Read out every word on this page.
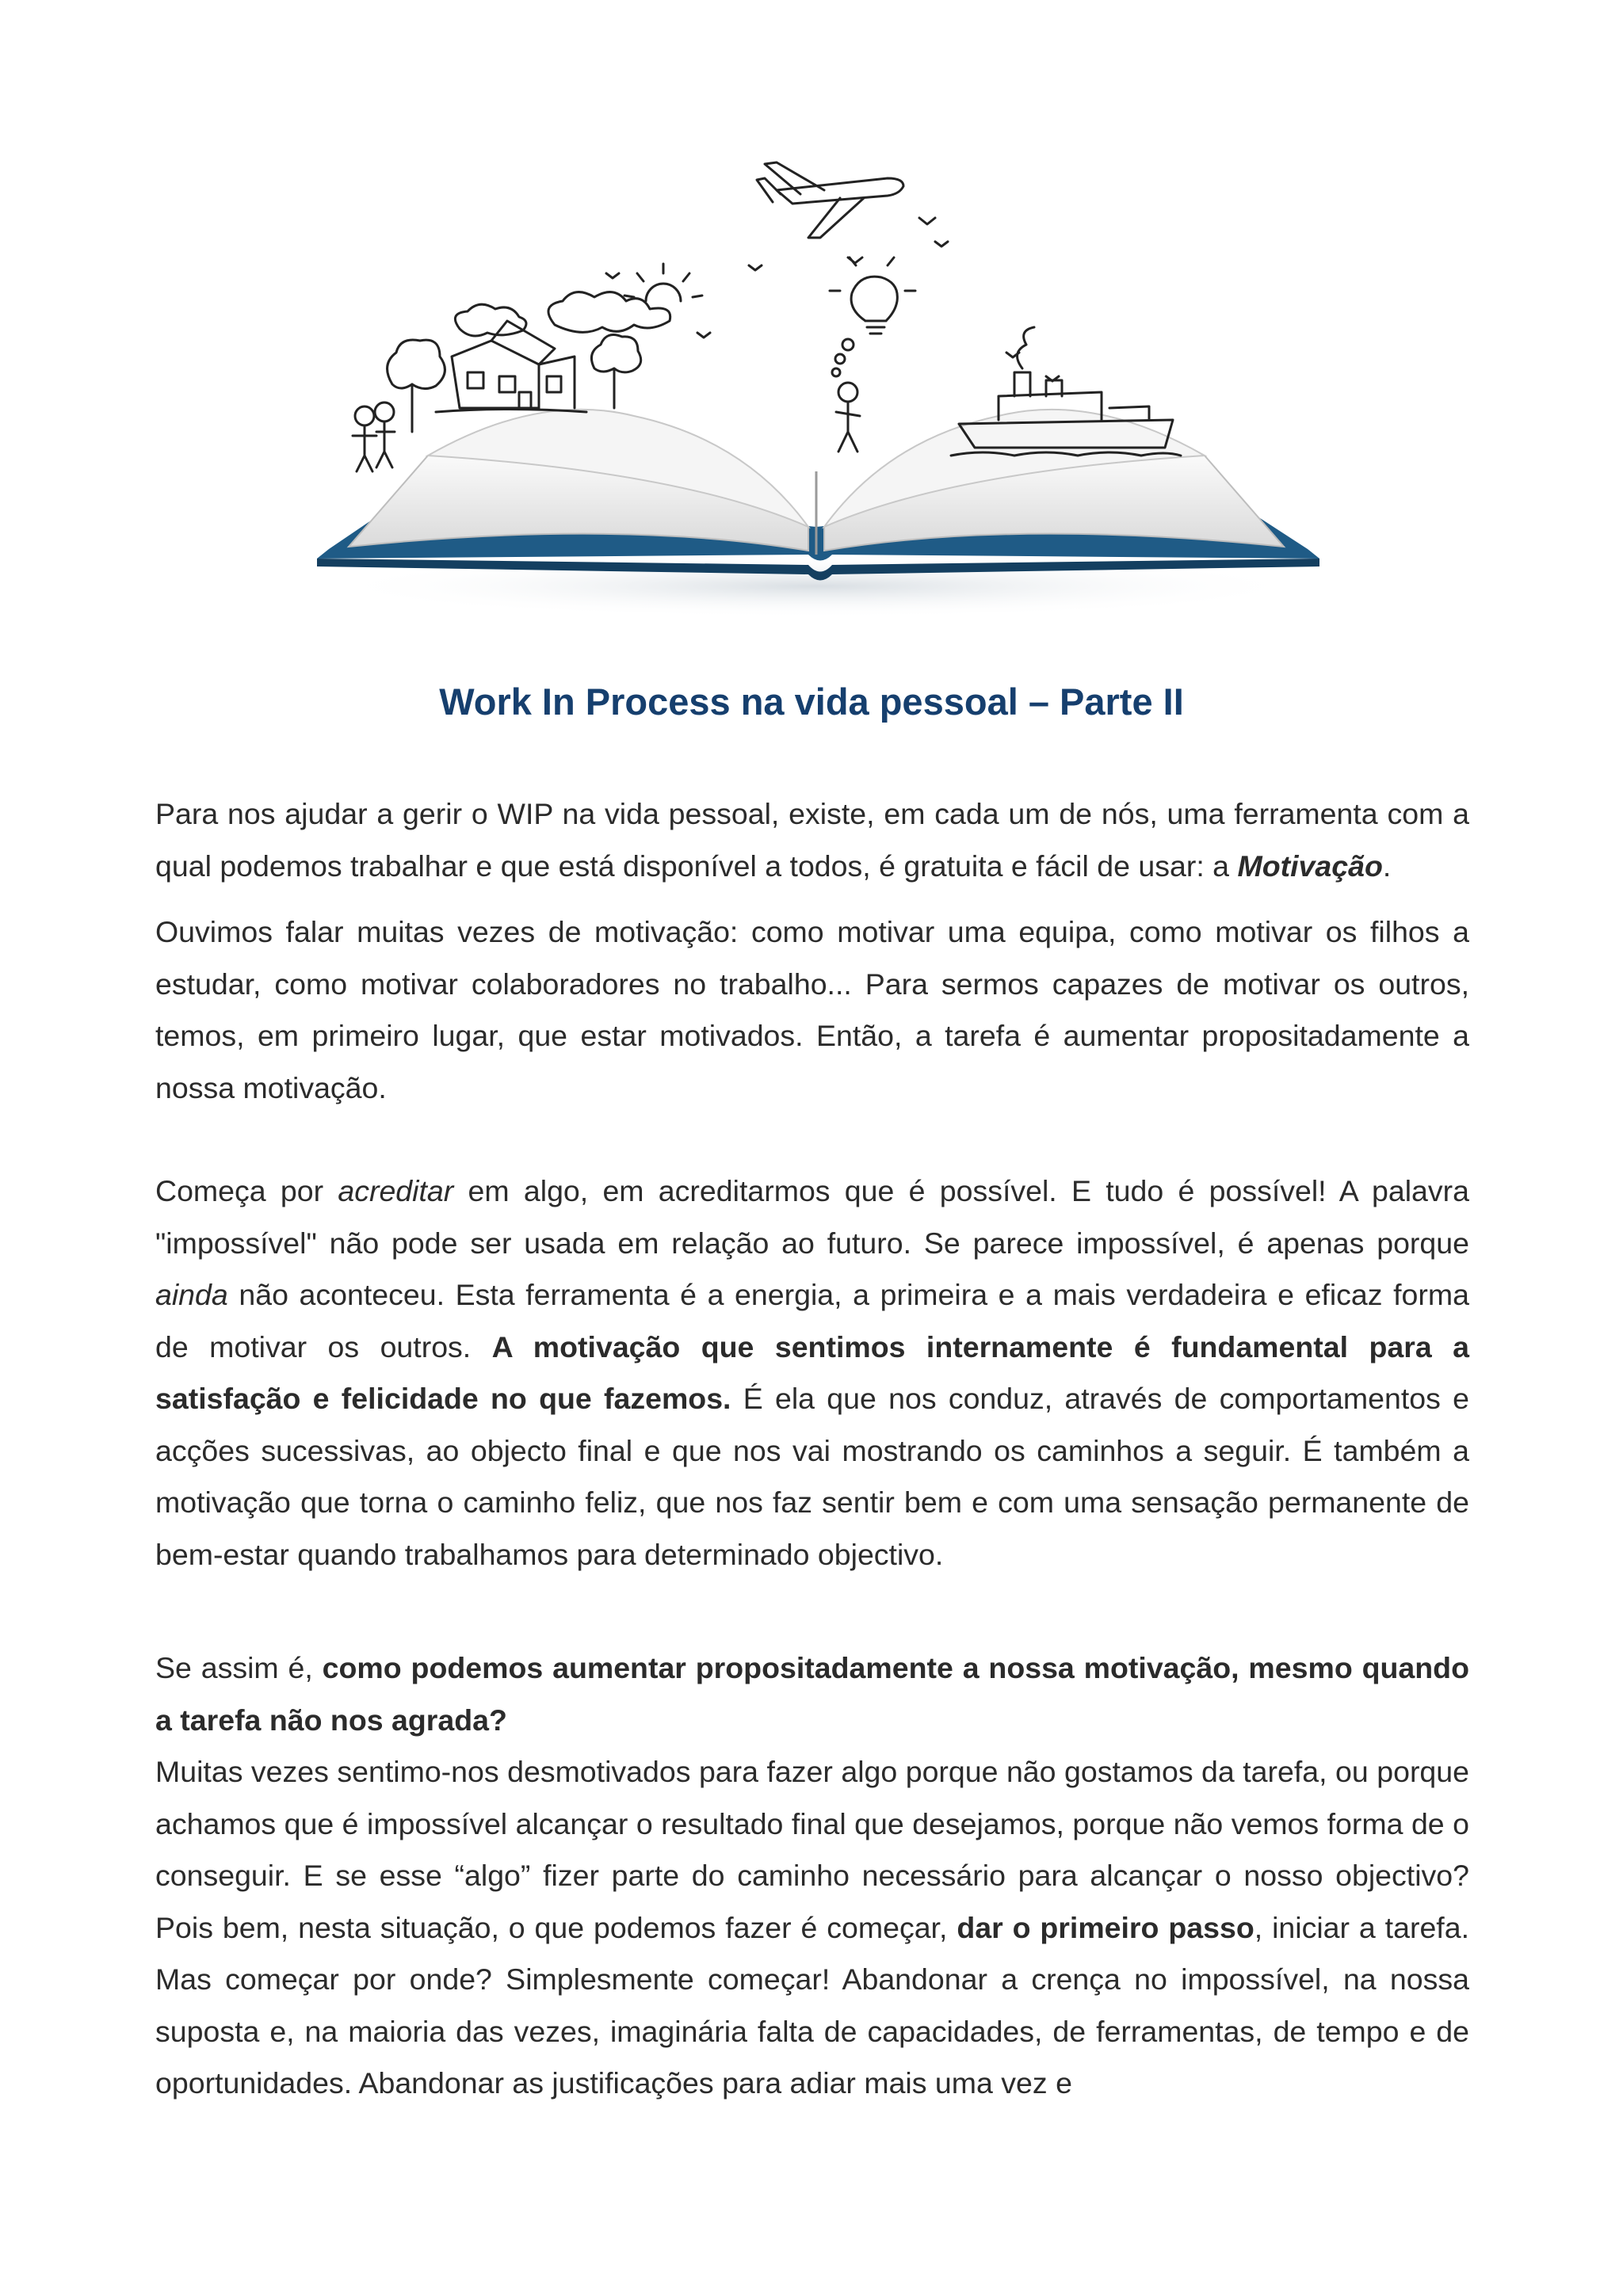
Work In Process na vida pessoal – Parte II

Para nos ajudar a gerir o WIP na vida pessoal, existe, em cada um de nós, uma ferramenta com a qual podemos trabalhar e que está disponível a todos, é gratuita e fácil de usar: a Motivação.

Ouvimos falar muitas vezes de motivação: como motivar uma equipa, como motivar os filhos a estudar, como motivar colaboradores no trabalho... Para sermos capazes de motivar os outros, temos, em primeiro lugar, que estar motivados. Então, a tarefa é aumentar propositadamente a nossa motivação.

Começa por acreditar em algo, em acreditarmos que é possível. E tudo é possível! A palavra "impossível" não pode ser usada em relação ao futuro. Se parece impossível, é apenas porque ainda não aconteceu. Esta ferramenta é a energia, a primeira e a mais verdadeira e eficaz forma de motivar os outros. A motivação que sentimos internamente é fundamental para a satisfação e felicidade no que fazemos. É ela que nos conduz, através de comportamentos e acções sucessivas, ao objecto final e que nos vai mostrando os caminhos a seguir. É também a motivação que torna o caminho feliz, que nos faz sentir bem e com uma sensação permanente de bem-estar quando trabalhamos para determinado objectivo.

Se assim é, como podemos aumentar propositadamente a nossa motivação, mesmo quando a tarefa não nos agrada?

Muitas vezes sentimo-nos desmotivados para fazer algo porque não gostamos da tarefa, ou porque achamos que é impossível alcançar o resultado final que desejamos, porque não vemos forma de o conseguir. E se esse “algo” fizer parte do caminho necessário para alcançar o nosso objectivo? Pois bem, nesta situação, o que podemos fazer é começar, dar o primeiro passo, iniciar a tarefa. Mas começar por onde? Simplesmente começar! Abandonar a crença no impossível, na nossa suposta e, na maioria das vezes, imaginária falta de capacidades, de ferramentas, de tempo e de oportunidades. Abandonar as justificações para adiar mais uma vez e
